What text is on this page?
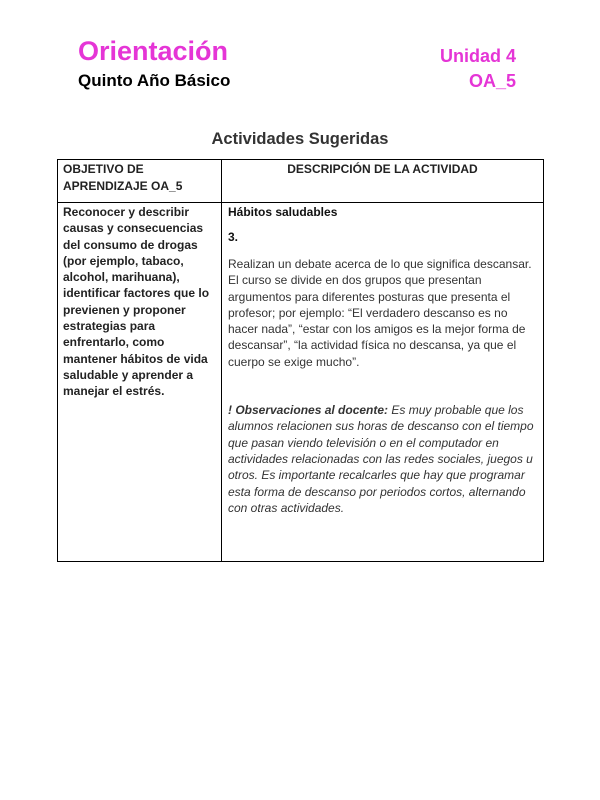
Orientación
Quinto Año Básico
Unidad 4
OA_5
Actividades Sugeridas
OBJETIVO DE APRENDIZAJE OA_5
DESCRIPCIÓN DE LA ACTIVIDAD
Reconocer y describir causas y consecuencias del consumo de drogas (por ejemplo, tabaco, alcohol, marihuana), identificar factores que lo previenen y proponer estrategias para enfrentarlo, como mantener hábitos de vida saludable y aprender a manejar el estrés.

Hábitos saludables

3.

Realizan un debate acerca de lo que significa descansar. El curso se divide en dos grupos que presentan argumentos para diferentes posturas que presenta el profesor; por ejemplo: “El verdadero descanso es no hacer nada”, “estar con los amigos es la mejor forma de descansar”, “la actividad física no descansa, ya que el cuerpo se exige mucho”.

! Observaciones al docente: Es muy probable que los alumnos relacionen sus horas de descanso con el tiempo que pasan viendo televisión o en el computador en actividades relacionadas con las redes sociales, juegos u otros. Es importante recalcarles que hay que programar esta forma de descanso por periodos cortos, alternando con otras actividades.
